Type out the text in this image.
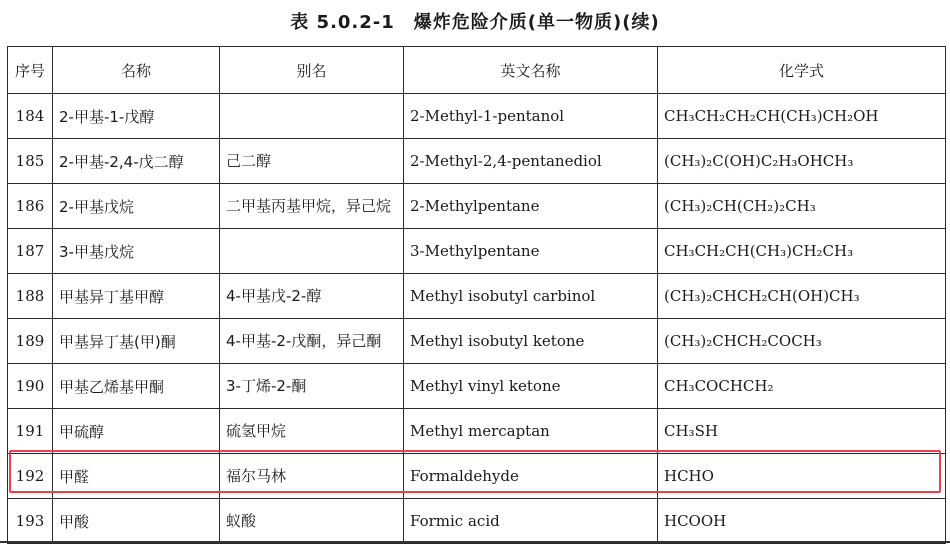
表 5.0.2-1　爆炸危险介质(单一物质)(续)
序号	名称	别名	英文名称	化学式
184	2-甲基-1-戊醇		2-Methyl-1-pentanol	CH₃CH₂CH₂CH(CH₃)CH₂OH
185	2-甲基-2,4-戊二醇	己二醇	2-Methyl-2,4-pentanediol	(CH₃)₂C(OH)C₂H₃OHCH₃
186	2-甲基戊烷	二甲基丙基甲烷，异己烷	2-Methylpentane	(CH₃)₂CH(CH₂)₂CH₃
187	3-甲基戊烷		3-Methylpentane	CH₃CH₂CH(CH₃)CH₂CH₃
188	甲基异丁基甲醇	4-甲基戊-2-醇	Methyl isobutyl carbinol	(CH₃)₂CHCH₂CH(OH)CH₃
189	甲基异丁基(甲)酮	4-甲基-2-戊酮，异己酮	Methyl isobutyl ketone	(CH₃)₂CHCH₂COCH₃
190	甲基乙烯基甲酮	3-丁烯-2-酮	Methyl vinyl ketone	CH₃COCHCH₂
191	甲硫醇	硫氢甲烷	Methyl mercaptan	CH₃SH
192	甲醛	福尔马林	Formaldehyde	HCHO
193	甲酸	蚁酸	Formic acid	HCOOH
